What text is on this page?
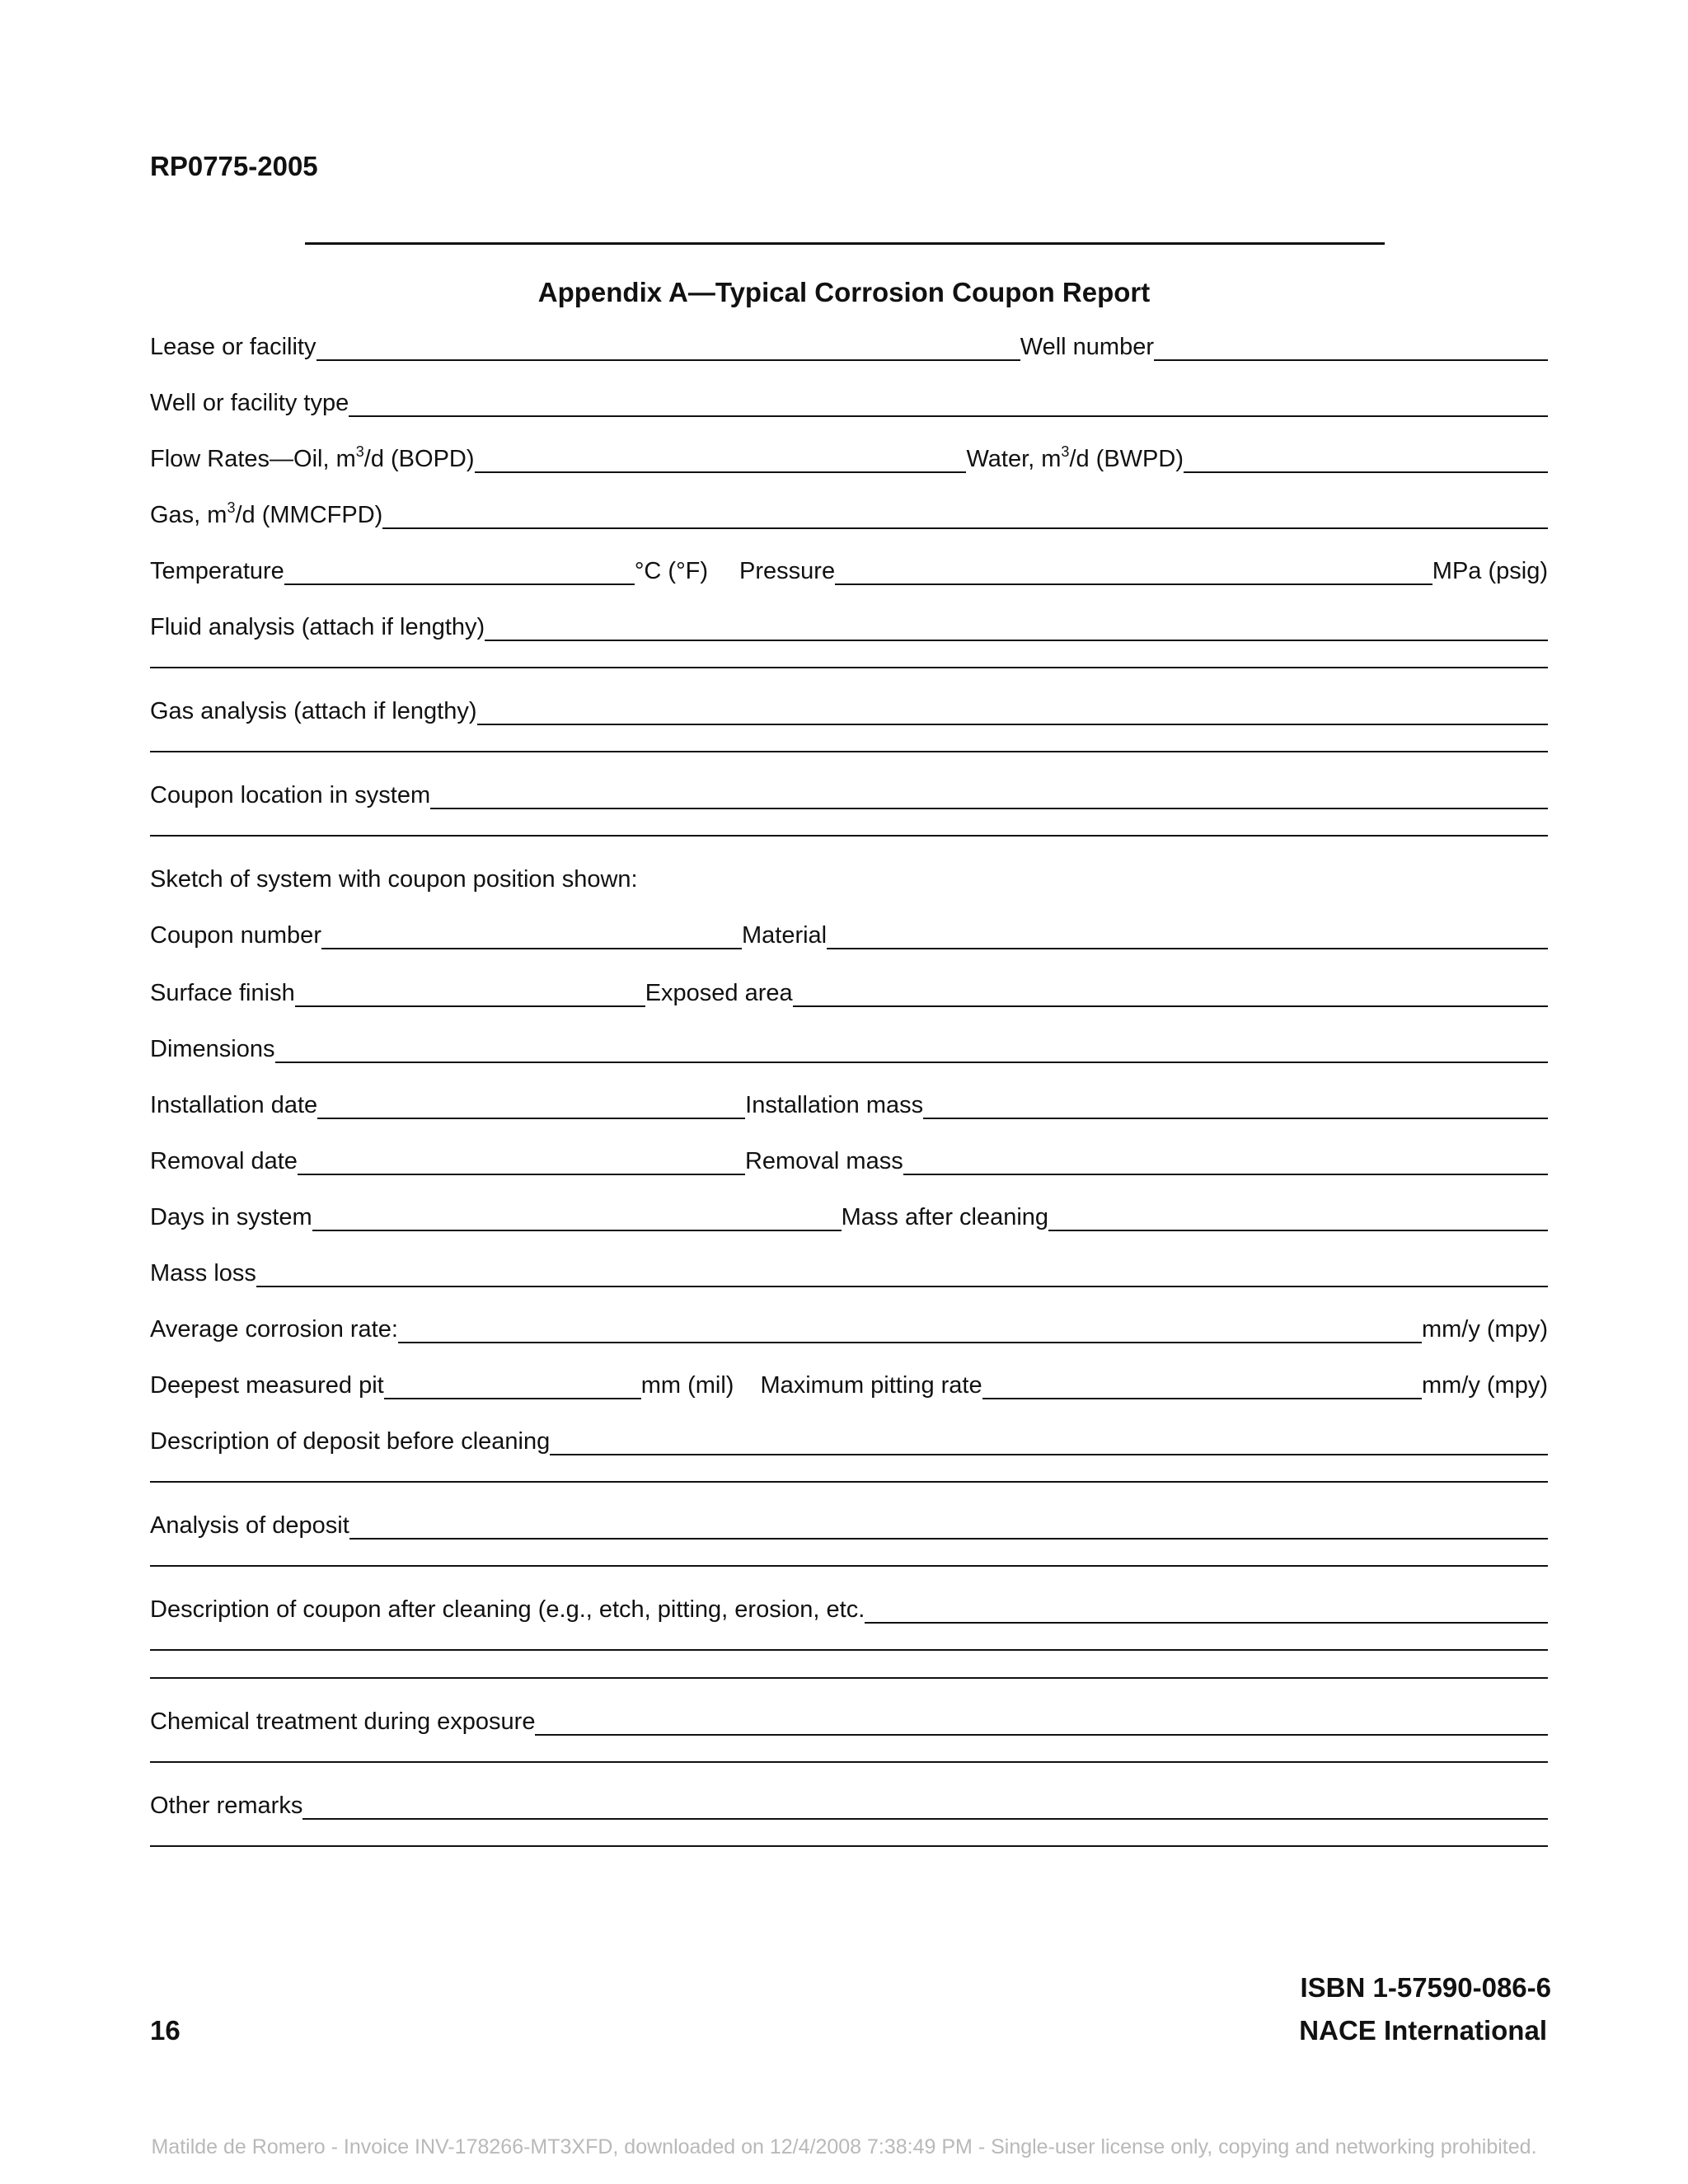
RP0775-2005
Appendix A—Typical Corrosion Coupon Report
Lease or facility	Well number
Well or facility type
Flow Rates—Oil, $m^3/d$ (BOPD)	Water, $m^3/d$ (BWPD)
Gas, $m^3/d$ (MMCFPD)
Temperature	°C (°F) Pressure	MPa (psig)
Fluid analysis (attach if lengthy)
Gas analysis (attach if lengthy)
Coupon location in system
Sketch of system with coupon position shown:
Coupon number	Material
Surface finish	Exposed area
Dimensions
Installation date	Installation mass
Removal date	Removal mass
Days in system	Mass after cleaning
Mass loss
Average corrosion rate:	mm/y (mpy)
Deepest measured pit	mm (mil) Maximum pitting rate	mm/y (mpy)
Description of deposit before cleaning
Analysis of deposit
Description of coupon after cleaning (e.g., etch, pitting, erosion, etc.
Chemical treatment during exposure
Other remarks
ISBN 1-57590-086-6
16	NACE International
Matilde de Romero - Invoice INV-178266-MT3XFD, downloaded on 12/4/2008 7:38:49 PM - Single-user license only, copying and networking prohibited.
